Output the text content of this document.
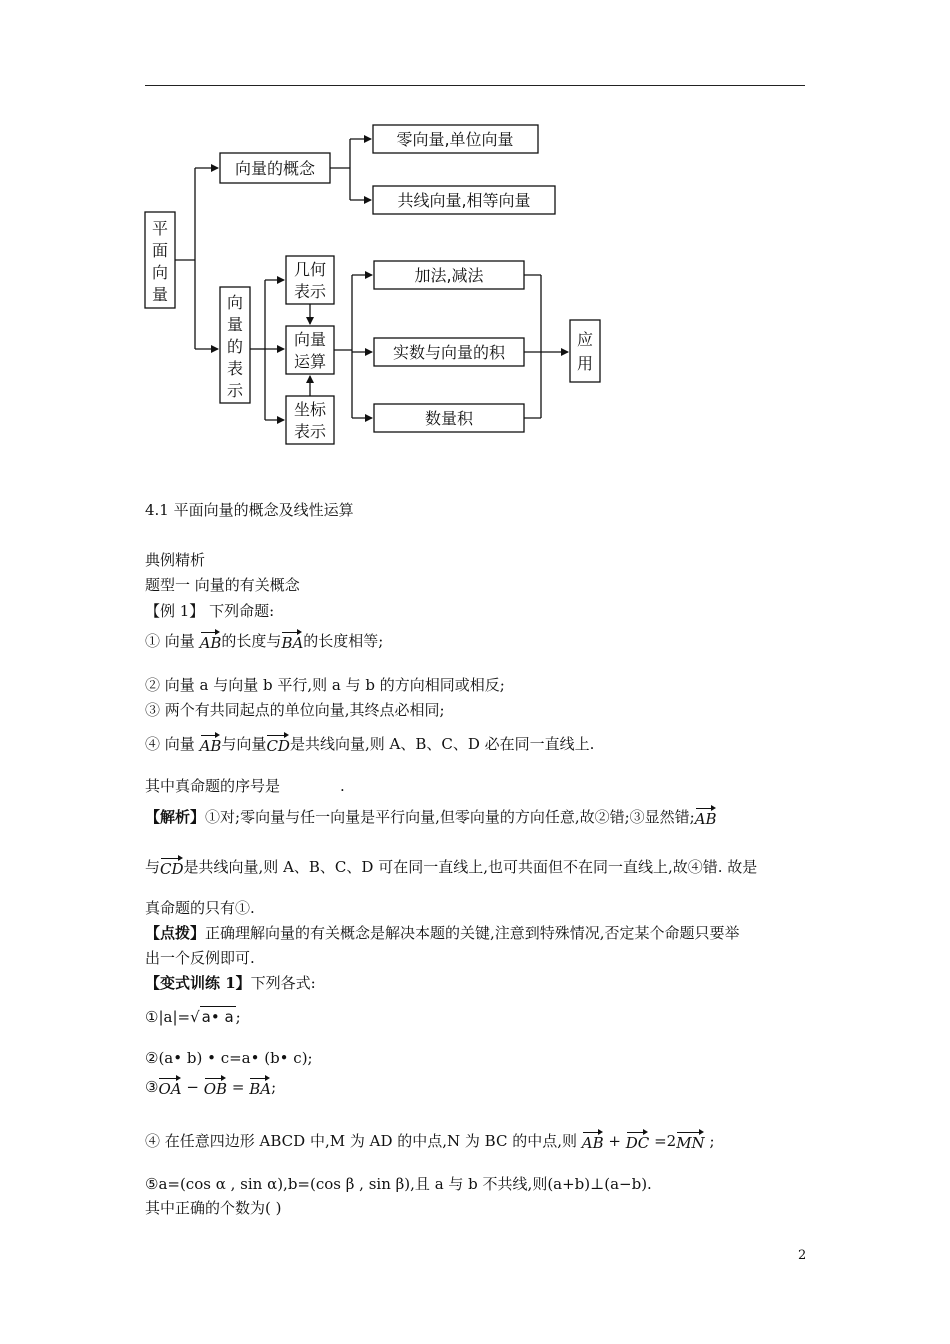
平
面
向
量
向量的概念
零向量,单位向量
共线向量,相等向量
向
量
的
表
示
几何
表示
向量
运算
坐标
表示
加法,减法
实数与向量的积
数量积
应
用
4.1 平面向量的概念及线性运算
典例精析
题型一 向量的有关概念
【例 1】 下列命题:
① 向量 AB的长度与BA的长度相等;
② 向量 a 与向量 b 平行,则 a 与 b 的方向相同或相反;
③ 两个有共同起点的单位向量,其终点必相同;
④ 向量 AB与向量CD是共线向量,则 A、B、C、D 必在同一直线上.
其中真命题的序号是	.
【解析】①对;零向量与任一向量是平行向量,但零向量的方向任意,故②错;③显然错;AB
与CD是共线向量,则 A、B、C、D 可在同一直线上,也可共面但不在同一直线上,故④错. 故是
真命题的只有①.
【点拨】正确理解向量的有关概念是解决本题的关键,注意到特殊情况,否定某个命题只要举
出一个反例即可.
【变式训练 1】下列各式:
①|a|=√ a• a ;
②(a• b) • c=a• (b• c);
③OA − OB = BA;
④ 在任意四边形 ABCD 中,M 为 AD 的中点,N 为 BC 的中点,则 AB + DC =2MN ;
⑤a=(cos α , sin α),b=(cos β , sin β),且 a 与 b 不共线,则(a+b)⊥(a−b).
其中正确的个数为( )
2
